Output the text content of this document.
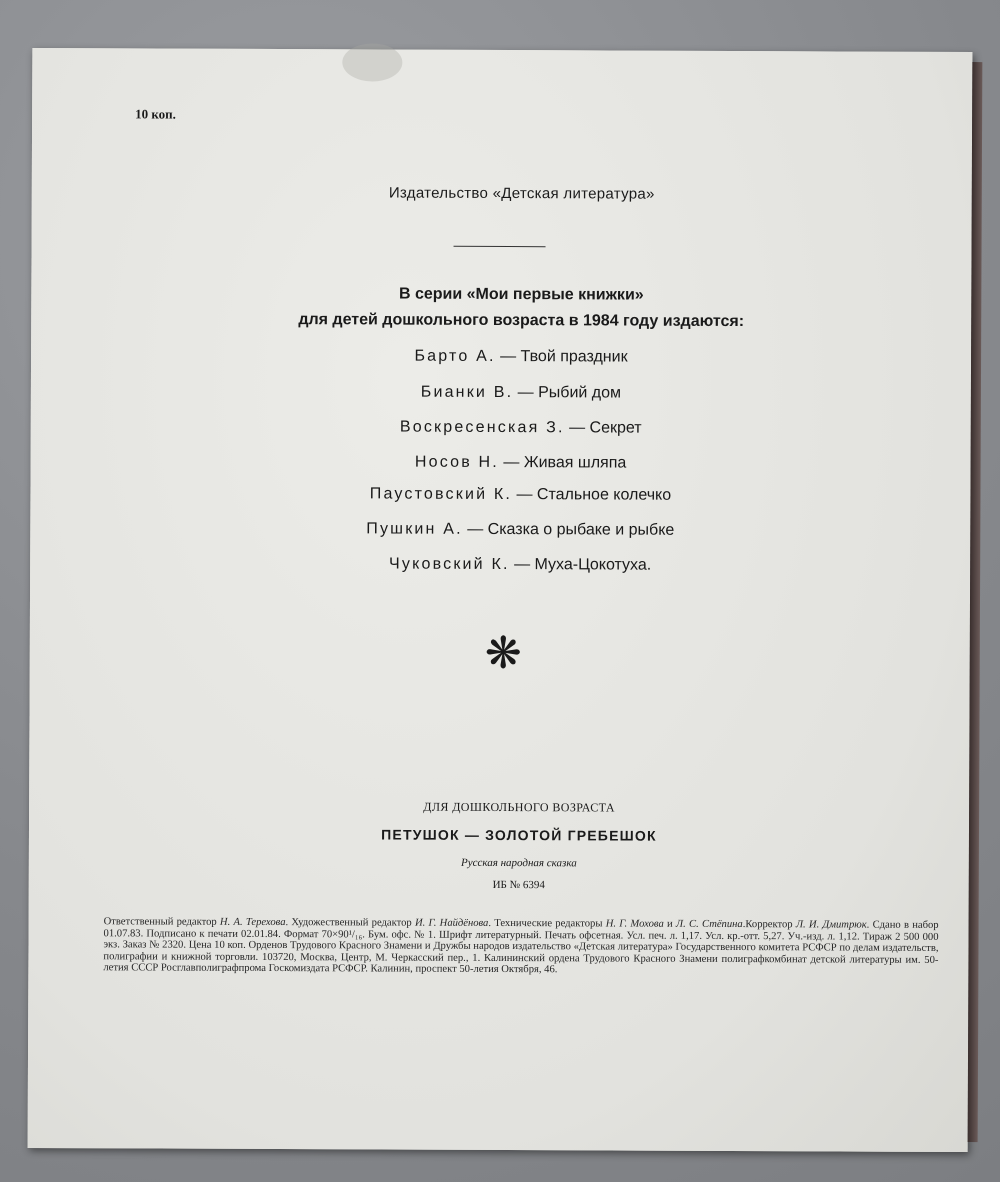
10 коп.
Издательство «Детская литература»
В серии «Мои первые книжки»
для детей дошкольного возраста в 1984 году издаются:
Барто А. — Твой праздник
Бианки В. — Рыбий дом
Воскресенская З. — Секрет
Носов Н. — Живая шляпа
Паустовский К. — Стальное колечко
Пушкин А. — Сказка о рыбаке и рыбке
Чуковский К. — Муха-Цокотуха.
❋
ДЛЯ ДОШКОЛЬНОГО ВОЗРАСТА
ПЕТУШОК — ЗОЛОТОЙ ГРЕБЕШОК
Русская народная сказка
ИБ № 6394
Ответственный редактор Н. А. Терехова. Художественный редактор И. Г. Найдёнова. Технические редакторы Н. Г. Мохова и Л. С. Стёпина.Корректор Л. И. Дмитрюк. Сдано в набор 01.07.83. Подписано к печати 02.01.84. Формат 70×90¹/₁₆. Бум. офс. № 1. Шрифт литературный. Печать офсетная. Усл. печ. л. 1,17. Усл. кр.-отт. 5,27. Уч.-изд. л. 1,12. Тираж 2 500 000 экз. Заказ № 2320. Цена 10 коп. Орденов Трудового Красного Знамени и Дружбы народов издательство «Детская литература» Государственного комитета РСФСР по делам издательств, полиграфии и книжной торговли. 103720, Москва, Центр, М. Черкасский пер., 1. Калининский ордена Трудового Красного Знамени полиграфкомбинат детской литературы им. 50-летия СССР Росглавполиграфпрома Госкомиздата РСФСР. Калинин, проспект 50-летия Октября, 46.
